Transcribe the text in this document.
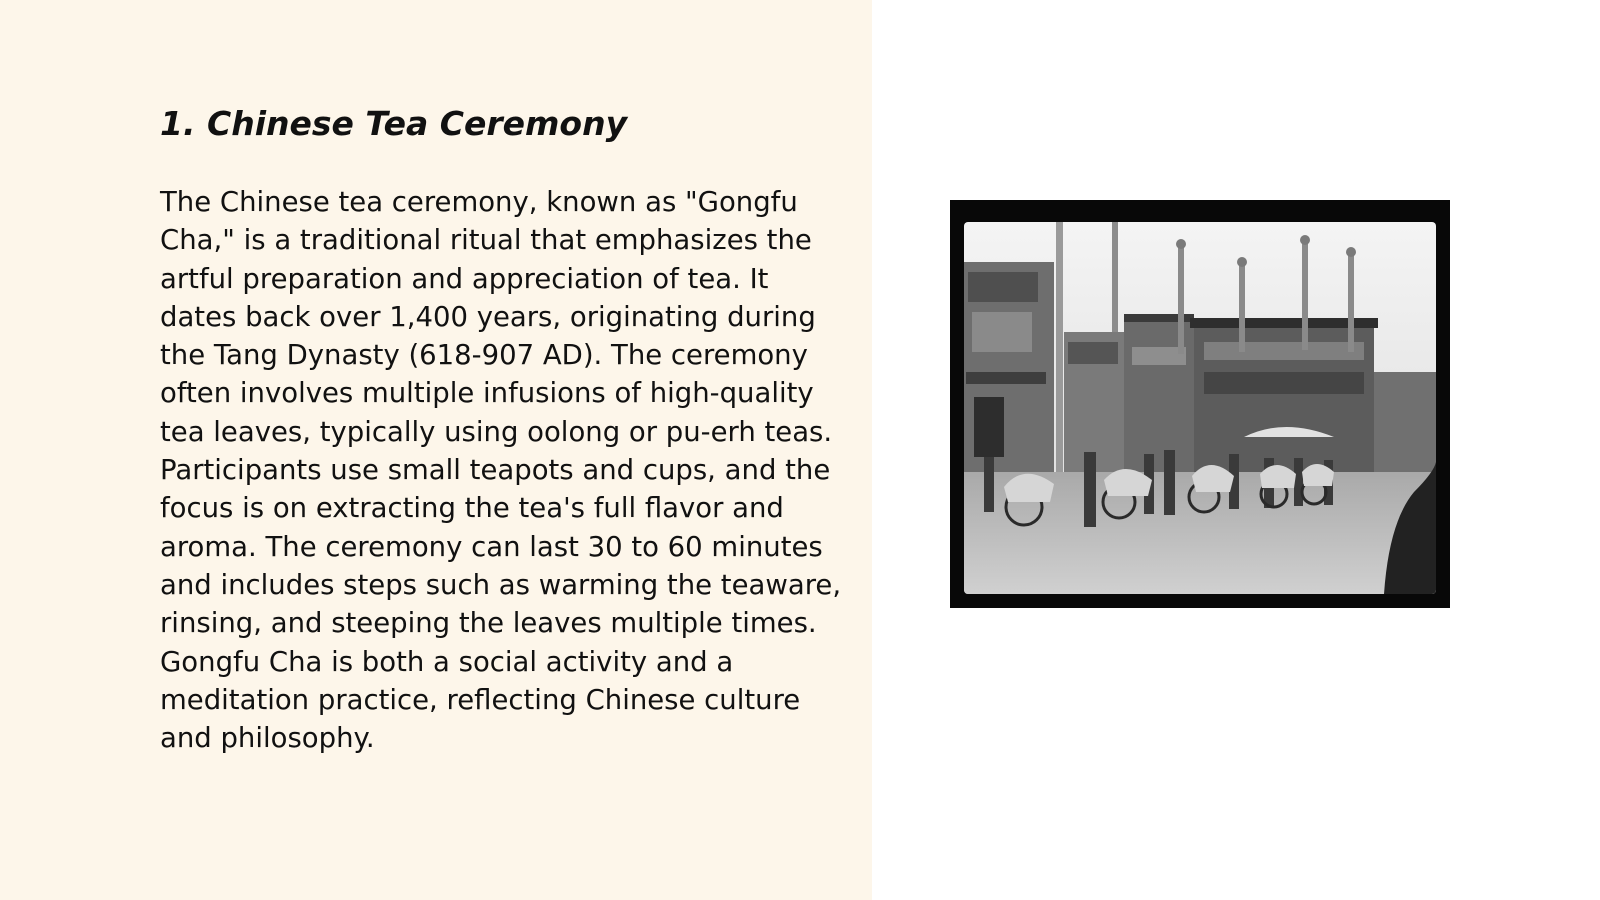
1. Chinese Tea Ceremony

The Chinese tea ceremony, known as "Gongfu Cha," is a traditional ritual that emphasizes the artful preparation and appreciation of tea. It dates back over 1,400 years, originating during the Tang Dynasty (618-907 AD). The ceremony often involves multiple infusions of high-quality tea leaves, typically using oolong or pu-erh teas. Participants use small teapots and cups, and the focus is on extracting the tea's full flavor and aroma. The ceremony can last 30 to 60 minutes and includes steps such as warming the teaware, rinsing, and steeping the leaves multiple times. Gongfu Cha is both a social activity and a meditation practice, reflecting Chinese culture and philosophy.
